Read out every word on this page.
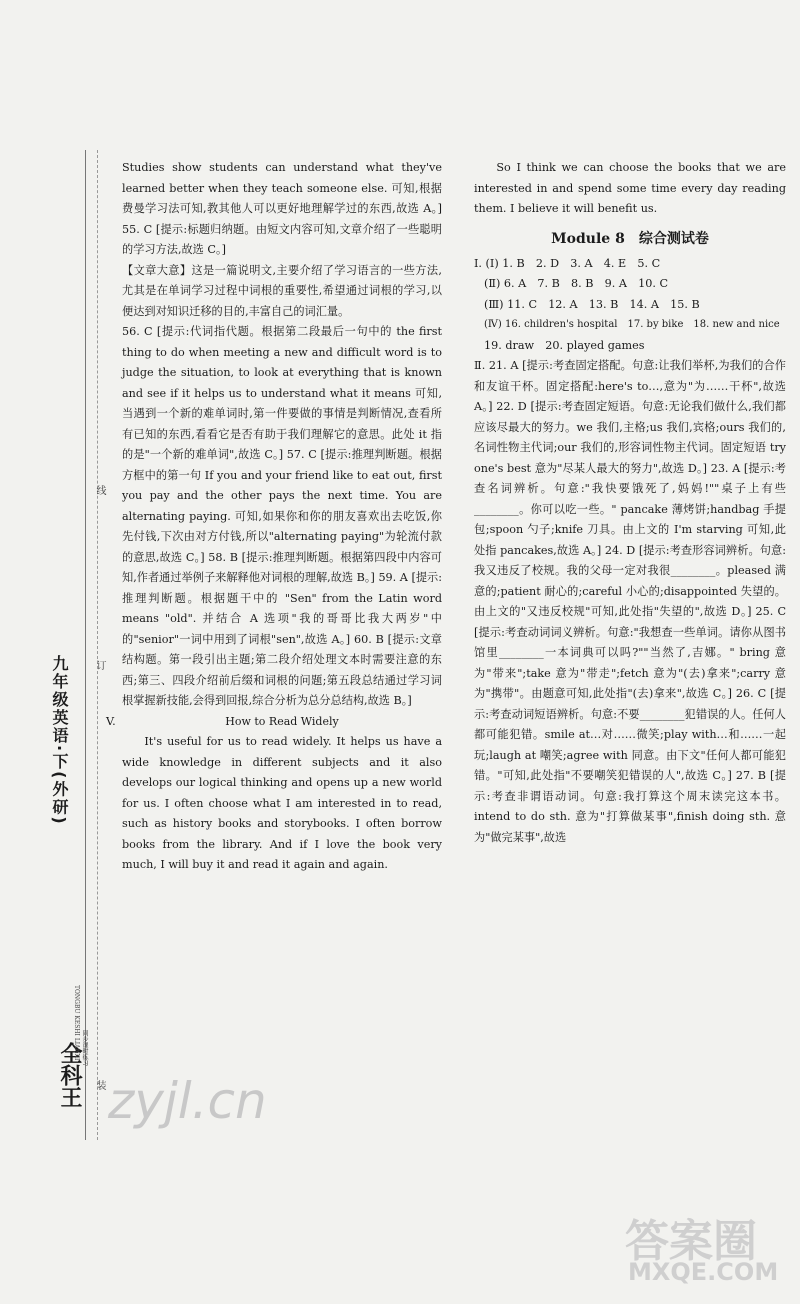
装
订
线
九年级英语·下(外研)
同步课时练习
全科王
TONGBU KESHI LIANXI

Studies show students can understand what they've learned better when they teach someone else. 可知,根据费曼学习法可知,教其他人可以更好地理解学过的东西,故选 A。] 55. C [提示:标题归纳题。由短文内容可知,文章介绍了一些聪明的学习方法,故选 C。]

【文章大意】这是一篇说明文,主要介绍了学习语言的一些方法,尤其是在单词学习过程中词根的重要性,希望通过词根的学习,以便达到对知识迁移的目的,丰富自己的词汇量。

56. C [提示:代词指代题。根据第二段最后一句中的 the first thing to do when meeting a new and difficult word is to judge the situation, to look at everything that is known and see if it helps us to understand what it means 可知,当遇到一个新的难单词时,第一件要做的事情是判断情况,查看所有已知的东西,看看它是否有助于我们理解它的意思。此处 it 指的是"一个新的难单词",故选 C。] 57. C [提示:推理判断题。根据方框中的第一句 If you and your friend like to eat out, first you pay and the other pays the next time. You are alternating paying. 可知,如果你和你的朋友喜欢出去吃饭,你先付钱,下次由对方付钱,所以"alternating paying"为轮流付款的意思,故选 C。] 58. B [提示:推理判断题。根据第四段中内容可知,作者通过举例子来解释他对词根的理解,故选 B。] 59. A [提示:推理判断题。根据题干中的 "Sen" from the Latin word means "old". 并结合 A 选项"我的哥哥比我大两岁"中的"senior"一词中用到了词根"sen",故选 A。] 60. B [提示:文章结构题。第一段引出主题;第二段介绍处理文本时需要注意的东西;第三、四段介绍前后缀和词根的问题;第五段总结通过学习词根掌握新技能,会得到回报,综合分析为总分总结构,故选 B。]

V.	How to Read Widely

It's useful for us to read widely. It helps us have a wide knowledge in different subjects and it also develops our logical thinking and opens up a new world for us. I often choose what I am interested in to read, such as history books and storybooks. I often borrow books from the library. And if I love the book very much, I will buy it and read it again and again.

So I think we can choose the books that we are interested in and spend some time every day reading them. I believe it will benefit us.

Module 8　综合测试卷
Ⅰ. (Ⅰ) 1. B　2. D　3. A　4. E　5. C
(Ⅱ) 6. A　7. B　8. B　9. A　10. C
(Ⅲ) 11. C　12. A　13. B　14. A　15. B
(Ⅳ) 16. children's hospital　17. by bike　18. new and nice
19. draw　20. played games

Ⅱ. 21. A [提示:考查固定搭配。句意:让我们举杯,为我们的合作和友谊干杯。固定搭配:here's to…,意为"为……干杯",故选 A。] 22. D [提示:考查固定短语。句意:无论我们做什么,我们都应该尽最大的努力。we 我们,主格;us 我们,宾格;ours 我们的,名词性物主代词;our 我们的,形容词性物主代词。固定短语 try one's best 意为"尽某人最大的努力",故选 D。] 23. A [提示:考查名词辨析。句意:"我快要饿死了,妈妈!""桌子上有些________。你可以吃一些。" pancake 薄烤饼;handbag 手提包;spoon 勺子;knife 刀具。由上文的 I'm starving 可知,此处指 pancakes,故选 A。] 24. D [提示:考查形容词辨析。句意:我又违反了校规。我的父母一定对我很________。pleased 满意的;patient 耐心的;careful 小心的;disappointed 失望的。由上文的"又违反校规"可知,此处指"失望的",故选 D。] 25. C [提示:考查动词词义辨析。句意:"我想查一些单词。请你从图书馆里________一本词典可以吗?""当然了,吉娜。" bring 意为"带来";take 意为"带走";fetch 意为"(去)拿来";carry 意为"携带"。由题意可知,此处指"(去)拿来",故选 C。] 26. C [提示:考查动词短语辨析。句意:不要________犯错误的人。任何人都可能犯错。smile at…对……微笑;play with…和……一起玩;laugh at 嘲笑;agree with 同意。由下文"任何人都可能犯错。"可知,此处指"不要嘲笑犯错误的人",故选 C。] 27. B [提示:考查非谓语动词。句意:我打算这个周末读完这本书。intend to do sth. 意为"打算做某事",finish doing sth. 意为"做完某事",故选

zyjl.cn
答案圈
MXQE.COM
